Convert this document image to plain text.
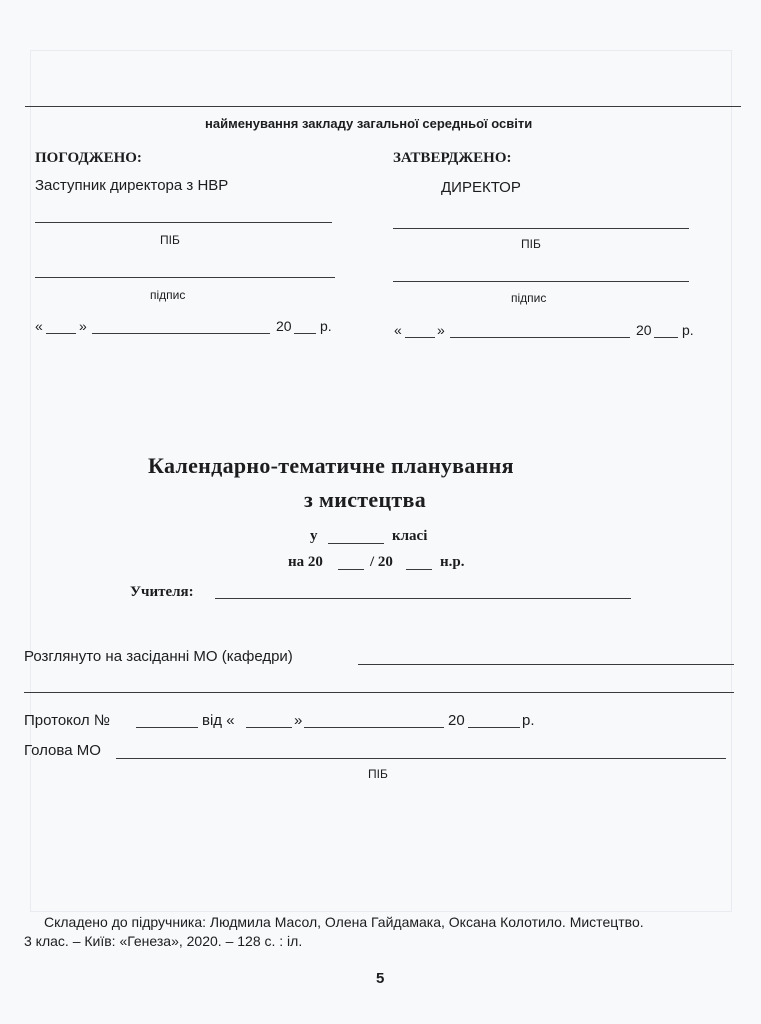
найменування закладу загальної середньої освіти
ПОГОДЖЕНО:
Заступник директора з НВР
ПІБ
підпис
«	»	20 р.
ЗАТВЕРДЖЕНО:
ДИРЕКТОР
ПІБ
підпис
«	»	20 р.
Календарно-тематичне планування
з мистецтва
у	класі
на 20	/ 20	н.р.
Учителя:
Розглянуто на засіданні МО (кафедри)
Протокол №	від «	»	20	р.
Голова МО
ПІБ
Складено до підручника: Людмила Масол, Олена Гайдамака, Оксана Колотило. Мистецтво.
3 клас. – Київ: «Генеза», 2020. – 128 с. : іл.
5
